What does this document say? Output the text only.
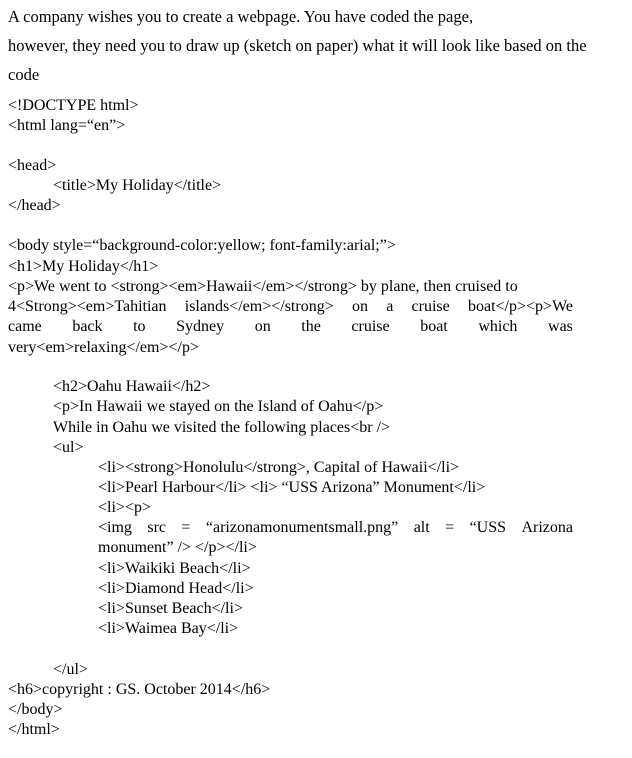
A company wishes you to create a webpage. You have coded the page,
however, they need you to draw up (sketch on paper) what it will look like based on the
code
<!DOCTYPE html>
<html lang=“en”>
<head>
<title>My Holiday</title>
</head>
<body style=“background-color:yellow; font-family:arial;”>
<h1>My Holiday</h1>
<p>We went to <strong><em>Hawaii</em></strong> by plane, then cruised to
4<Strong><em>Tahitian islands</em></strong> on a cruise boat</p><p>We
came back to Sydney on the cruise boat which was
very<em>relaxing</em></p>
<h2>Oahu Hawaii</h2>
<p>In Hawaii we stayed on the Island of Oahu</p>
While in Oahu we visited the following places<br />
<ul>
<li><strong>Honolulu</strong>, Capital of Hawaii</li>
<li>Pearl Harbour</li> <li> “USS Arizona” Monument</li>
<li><p>
<img src = “arizonamonumentsmall.png” alt = “USS Arizona
monument” /> </p></li>
<li>Waikiki Beach</li>
<li>Diamond Head</li>
<li>Sunset Beach</li>
<li>Waimea Bay</li>
</ul>
<h6>copyright : GS. October 2014</h6>
</body>
</html>
